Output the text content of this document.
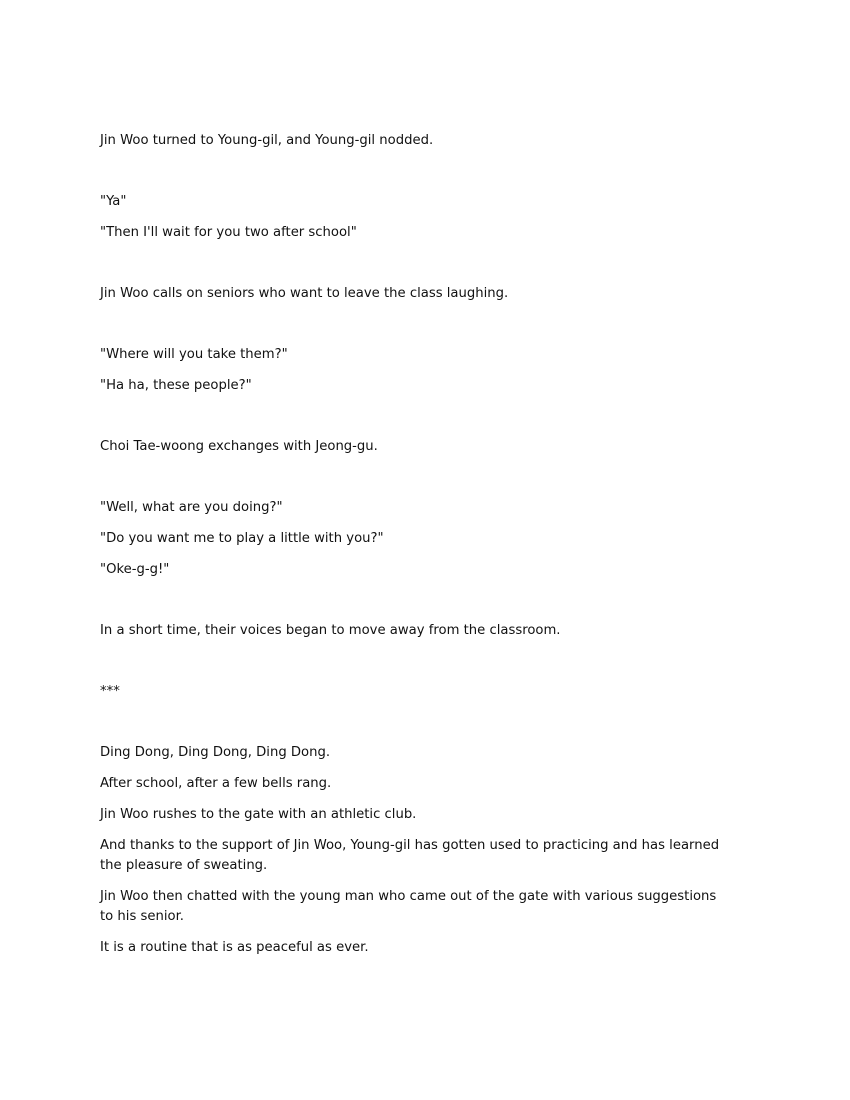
Jin Woo turned to Young-gil, and Young-gil nodded.

"Ya"

"Then I'll wait for you two after school"

Jin Woo calls on seniors who want to leave the class laughing.

"Where will you take them?"

"Ha ha, these people?"

Choi Tae-woong exchanges with Jeong-gu.

"Well, what are you doing?"

"Do you want me to play a little with you?"

"Oke-g-g!"

In a short time, their voices began to move away from the classroom.

***

Ding Dong, Ding Dong, Ding Dong.

After school, after a few bells rang.

Jin Woo rushes to the gate with an athletic club.

And thanks to the support of Jin Woo, Young-gil has gotten used to practicing and has learned the pleasure of sweating.

Jin Woo then chatted with the young man who came out of the gate with various suggestions to his senior.

It is a routine that is as peaceful as ever.
